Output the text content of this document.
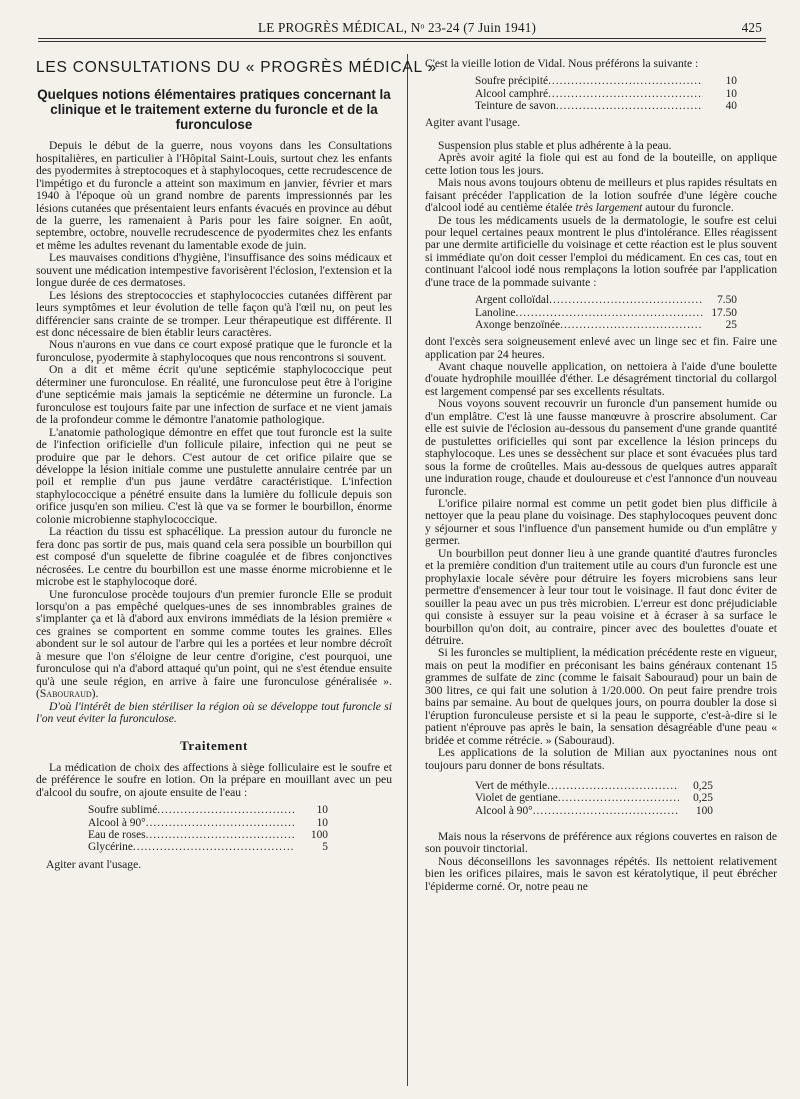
LE PROGRÈS MÉDICAL, Nᵒ 23-24 (7 Juin 1941)	425
LES CONSULTATIONS DU « PROGRÈS MÉDICAL »
Quelques notions élémentaires pratiques concernant la clinique et le traitement externe du furoncle et de la furonculose

Depuis le début de la guerre, nous voyons dans les Consultations hospitalières, en particulier à l'Hôpital Saint-Louis, surtout chez les enfants des pyodermites à streptocoques et à staphylocoques, cette recrudescence de l'impétigo et du furoncle a atteint son maximum en janvier, février et mars 1940 à l'époque où un grand nombre de parents impressionnés par les lésions cutanées que présentaient leurs enfants évacués en province au début de la guerre, les ramenaient à Paris pour les faire soigner. En août, septembre, octobre, nouvelle recrudescence de pyodermites chez les enfants et même les adultes revenant du lamentable exode de juin.

Les mauvaises conditions d'hygiène, l'insuffisance des soins médicaux et souvent une médication intempestive favorisèrent l'éclosion, l'extension et la longue durée de ces dermatoses.

Les lésions des streptococcies et staphylococcies cutanées diffèrent par leurs symptômes et leur évolution de telle façon qu'à l'œil nu, on peut les différencier sans crainte de se tromper. Leur thérapeutique est différente. Il est donc nécessaire de bien établir leurs caractères.

Nous n'aurons en vue dans ce court exposé pratique que le furoncle et la furonculose, pyodermite à staphylocoques que nous rencontrons si souvent.

On a dit et même écrit qu'une septicémie staphylococcique peut déterminer une furonculose. En réalité, une furonculose peut être à l'origine d'une septicémie mais jamais la septicémie ne détermine un furoncle. La furonculose est toujours faite par une infection de surface et ne vient jamais de la profondeur comme le démontre l'anatomie pathologique.

L'anatomie pathologique démontre en effet que tout furoncle est la suite de l'infection orificielle d'un follicule pilaire, infection qui ne peut se produire que par le dehors. C'est autour de cet orifice pilaire que se développe la lésion initiale comme une pustulette annulaire centrée par un poil et remplie d'un pus jaune verdâtre caractéristique. L'infection staphylococcique a pénétré ensuite dans la lumière du follicule depuis son orifice jusqu'en son milieu. C'est là que va se former le bourbillon, énorme colonie microbienne staphylococcique.

La réaction du tissu est sphacélique. La pression autour du furoncle ne fera donc pas sortir de pus, mais quand cela sera possible un bourbillon qui est composé d'un squelette de fibrine coagulée et de fibres conjonctives nécrosées. Le centre du bourbillon est une masse énorme microbienne et le microbe est le staphylocoque doré.

Une furonculose procède toujours d'un premier furoncle Elle se produit lorsqu'on a pas empêché quelques-unes de ses innombrables graines de s'implanter ça et là d'abord aux environs immédiats de la lésion première « ces graines se comportent en somme comme toutes les graines. Elles abondent sur le sol autour de l'arbre qui les a portées et leur nombre décroît à mesure que l'on s'éloigne de leur centre d'origine, c'est pourquoi, une furonculose qui n'a d'abord attaqué qu'un point, qui ne s'est étendue ensuite qu'à une seule région, en arrive à faire une furonculose généralisée ». (Sabouraud).

D'où l'intérêt de bien stériliser la région où se développe tout furoncle si l'on veut éviter la furonculose.

Traitement

La médication de choix des affections à siège folliculaire est le soufre et de préférence le soufre en lotion. On la prépare en mouillant avec un peu d'alcool du soufre, on ajoute ensuite de l'eau :

Soufre sublimé .....	10
Alcool à 90° .....	10
Eau de roses .....	100
Glycérine .....	5

Agiter avant l'usage.

C'est la vieille lotion de Vidal. Nous préférons la suivante :

Soufre précipité .....	10
Alcool camphré .....	10
Teinture de savon .....	40

Agiter avant l'usage.

Suspension plus stable et plus adhérente à la peau.

Après avoir agité la fiole qui est au fond de la bouteille, on applique cette lotion tous les jours.

Mais nous avons toujours obtenu de meilleurs et plus rapides résultats en faisant précéder l'application de la lotion soufrée d'une légère couche d'alcool iodé au centième étalée très largement autour du furoncle.

De tous les médicaments usuels de la dermatologie, le soufre est celui pour lequel certaines peaux montrent le plus d'intolérance. Elles réagissent par une dermite artificielle du voisinage et cette réaction est le plus souvent si immédiate qu'on doit cesser l'emploi du médicament. En ces cas, tout en continuant l'alcool iodé nous remplaçons la lotion soufrée par l'application d'une trace de la pommade suivante :

Argent colloïdal .....	7.50
Lanoline .....	17.50
Axonge benzoïnée .....	25

dont l'excès sera soigneusement enlevé avec un linge sec et fin. Faire une application par 24 heures.

Avant chaque nouvelle application, on nettoiera à l'aide d'une boulette d'ouate hydrophile mouillée d'éther. Le désagrément tinctorial du collargol est largement compensé par ses excellents résultats.

Nous voyons souvent recouvrir un furoncle d'un pansement humide ou d'un emplâtre. C'est là une fausse manœuvre à proscrire absolument. Car elle est suivie de l'éclosion au-dessous du pansement d'une grande quantité de pustulettes orificielles qui sont par excellence la lésion princeps du staphylocoque. Les unes se dessèchent sur place et sont évacuées plus tard sous la forme de croûtelles. Mais au-dessous de quelques autres apparaît une induration rouge, chaude et douloureuse et c'est l'annonce d'un nouveau furoncle.

L'orifice pilaire normal est comme un petit godet bien plus difficile à nettoyer que la peau plane du voisinage. Des staphylocoques peuvent donc y séjourner et sous l'influence d'un pansement humide ou d'un emplâtre y germer.

Un bourbillon peut donner lieu à une grande quantité d'autres furoncles et la première condition d'un traitement utile au cours d'un furoncle est une prophylaxie locale sévère pour détruire les foyers microbiens sans leur permettre d'ensemencer à leur tour tout le voisinage. Il faut donc éviter de souiller la peau avec un pus très microbien. L'erreur est donc préjudiciable qui consiste à essuyer sur la peau voisine et à écraser à sa surface le bourbillon qu'on doit, au contraire, pincer avec des boulettes d'ouate et détruire.

Si les furoncles se multiplient, la médication précédente reste en vigueur, mais on peut la modifier en préconisant les bains généraux contenant 15 grammes de sulfate de zinc (comme le faisait Sabouraud) pour un bain de 300 litres, ce qui fait une solution à 1/20.000. On peut faire prendre trois bains par semaine. Au bout de quelques jours, on pourra doubler la dose si l'éruption furonculeuse persiste et si la peau le supporte, c'est-à-dire si le patient n'éprouve pas après le bain, la sensation désagréable d'une peau « bridée et comme rétrécie. » (Sabouraud).

Les applications de la solution de Milian aux pyoctanines nous ont toujours paru donner de bons résultats.

Vert de méthyle .....	0,25
Violet de gentiane .....	0,25
Alcool à 90° .....	100

Mais nous la réservons de préférence aux régions couvertes en raison de son pouvoir tinctorial.

Nous déconseillons les savonnages répétés. Ils nettoient relativement bien les orifices pilaires, mais le savon est kératolytique, il peut ébrécher l'épiderme corné. Or, notre peau ne
